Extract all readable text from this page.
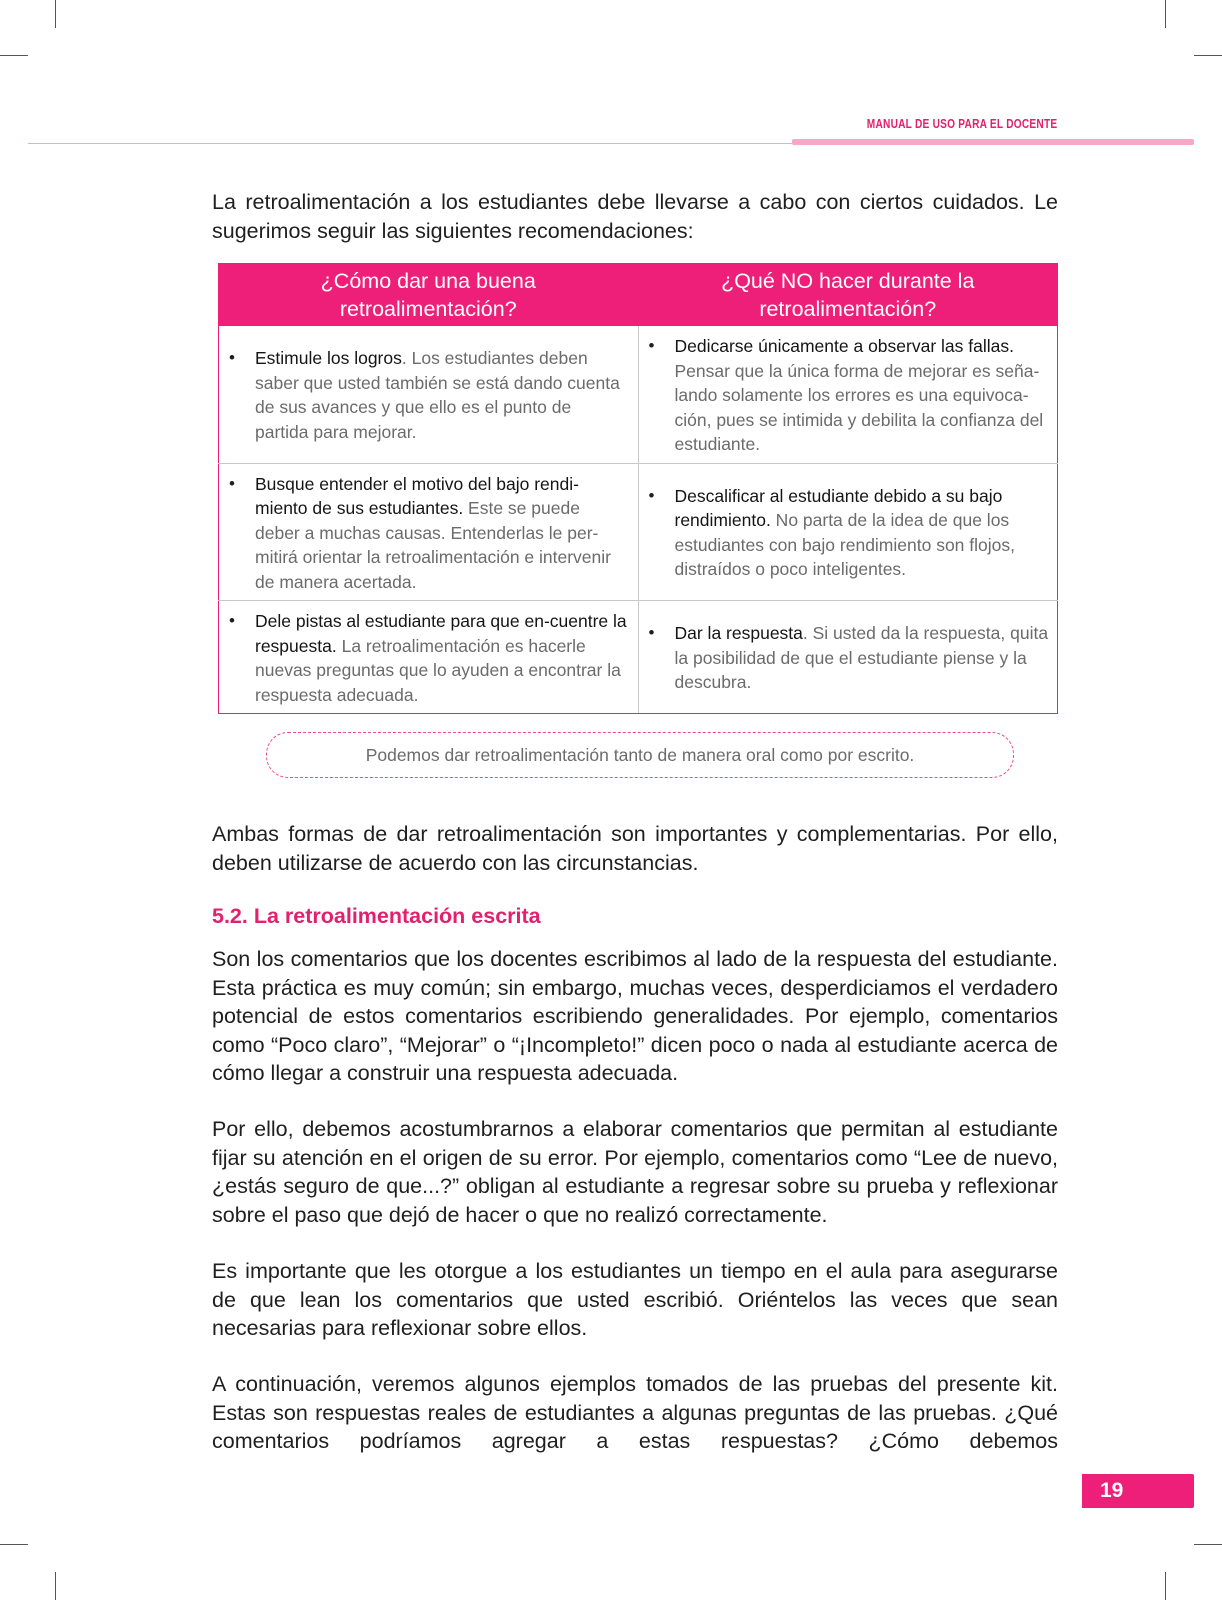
MANUAL DE USO PARA EL DOCENTE

La retroalimentación a los estudiantes debe llevarse a cabo con ciertos cuidados. Le sugerimos seguir las siguientes recomendaciones:

¿Cómo dar una buena retroalimentación?	¿Qué NO hacer durante la retroalimentación?

• Estimule los logros. Los estudiantes deben saber que usted también se está dando cuenta de sus avances y que ello es el punto de partida para mejorar.	• Dedicarse únicamente a observar las fallas. Pensar que la única forma de mejorar es seña-lando solamente los errores es una equivoca-ción, pues se intimida y debilita la confianza del estudiante.

• Busque entender el motivo del bajo rendi-miento de sus estudiantes. Este se puede deber a muchas causas. Entenderlas le per-mitirá orientar la retroalimentación e intervenir de manera acertada.	• Descalificar al estudiante debido a su bajo rendimiento. No parta de la idea de que los estudiantes con bajo rendimiento son flojos, distraídos o poco inteligentes.

• Dele pistas al estudiante para que en-cuentre la respuesta. La retroalimentación es hacerle nuevas preguntas que lo ayuden a encontrar la respuesta adecuada.	• Dar la respuesta. Si usted da la respuesta, quita la posibilidad de que el estudiante piense y la descubra.
Podemos dar retroalimentación tanto de manera oral como por escrito.

Ambas formas de dar retroalimentación son importantes y complementarias. Por ello, deben utilizarse de acuerdo con las circunstancias.

5.2. La retroalimentación escrita

Son los comentarios que los docentes escribimos al lado de la respuesta del estudiante. Esta práctica es muy común; sin embargo, muchas veces, desperdiciamos el verdadero potencial de estos comentarios escribiendo generalidades. Por ejemplo, comentarios como “Poco claro”, “Mejorar” o “¡Incompleto!” dicen poco o nada al estudiante acerca de cómo llegar a construir una respuesta adecuada.

Por ello, debemos acostumbrarnos a elaborar comentarios que permitan al estudiante fijar su atención en el origen de su error. Por ejemplo, comentarios como “Lee de nuevo, ¿estás seguro de que...?” obligan al estudiante a regresar sobre su prueba y reflexionar sobre el paso que dejó de hacer o que no realizó correctamente.

Es importante que les otorgue a los estudiantes un tiempo en el aula para asegurarse de que lean los comentarios que usted escribió. Oriéntelos las veces que sean necesarias para reflexionar sobre ellos.

A continuación, veremos algunos ejemplos tomados de las pruebas del presente kit. Estas son respuestas reales de estudiantes a algunas preguntas de las pruebas. ¿Qué comentarios podríamos agregar a estas respuestas? ¿Cómo debemos

19
